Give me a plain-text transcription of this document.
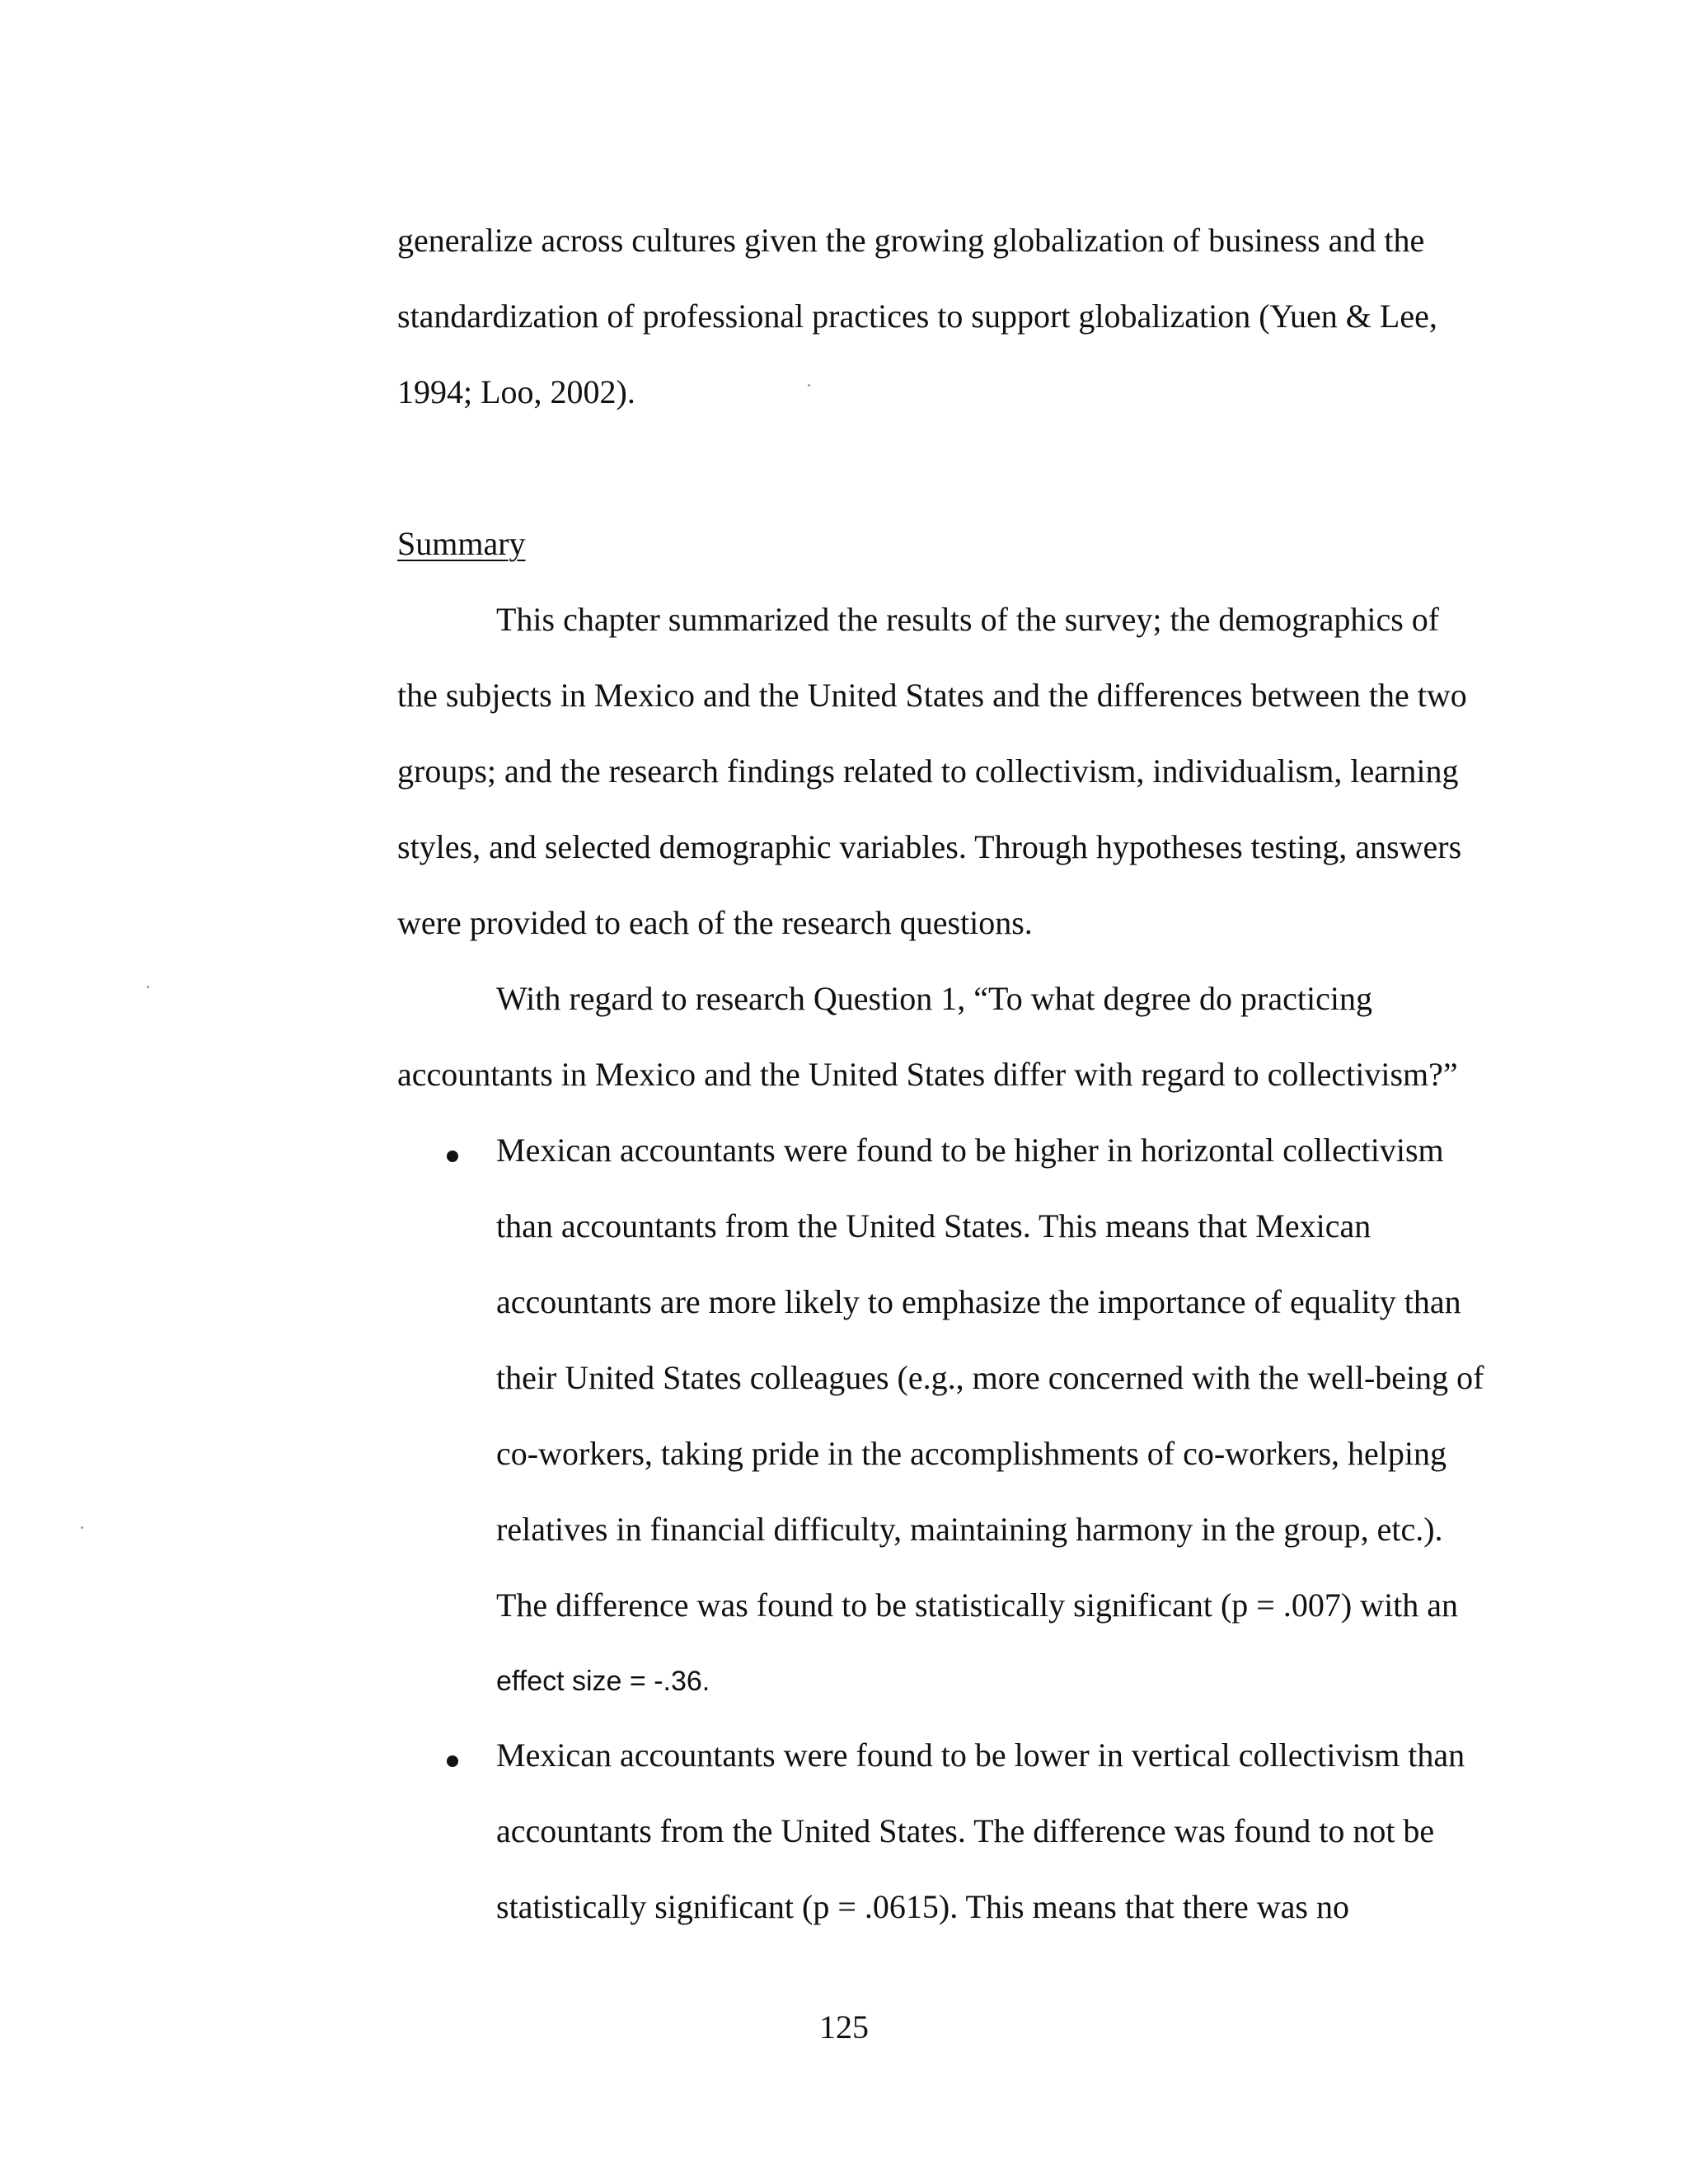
generalize across cultures given the growing globalization of business and the
standardization of professional practices to support globalization (Yuen & Lee,
1994; Loo, 2002).
Summary
This chapter summarized the results of the survey; the demographics of
the subjects in Mexico and the United States and the differences between the two
groups; and the research findings related to collectivism, individualism, learning
styles, and selected demographic variables. Through hypotheses testing, answers
were provided to each of the research questions.
With regard to research Question 1, “To what degree do practicing
accountants in Mexico and the United States differ with regard to collectivism?”
Mexican accountants were found to be higher in horizontal collectivism
than accountants from the United States. This means that Mexican
accountants are more likely to emphasize the importance of equality than
their United States colleagues (e.g., more concerned with the well-being of
co-workers, taking pride in the accomplishments of co-workers, helping
relatives in financial difficulty, maintaining harmony in the group, etc.).
The difference was found to be statistically significant (p = .007) with an
effect size = -.36.
Mexican accountants were found to be lower in vertical collectivism than
accountants from the United States. The difference was found to not be
statistically significant (p = .0615). This means that there was no
125
